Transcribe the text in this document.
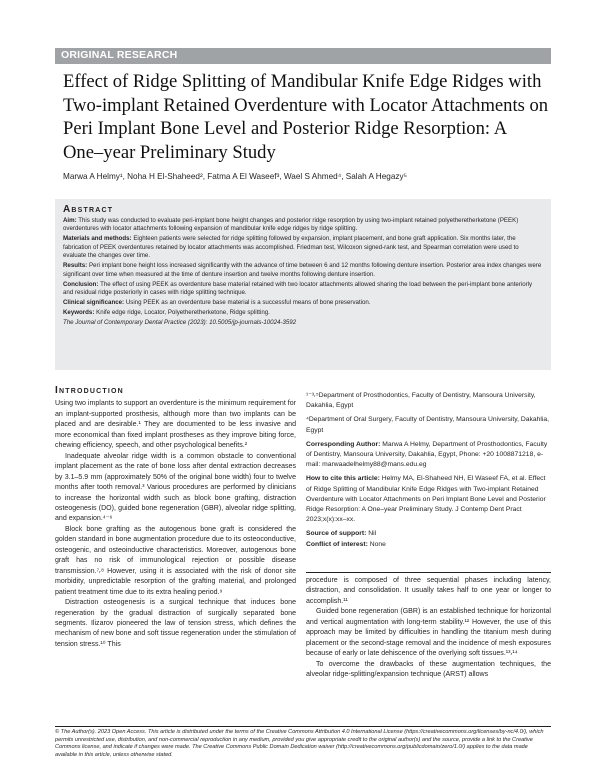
ORIGINAL RESEARCH
Effect of Ridge Splitting of Mandibular Knife Edge Ridges with Two-implant Retained Overdenture with Locator Attachments on Peri Implant Bone Level and Posterior Ridge Resorption: A One–year Preliminary Study
Marwa A Helmy¹, Noha H El-Shaheed², Fatma A El Waseef³, Wael S Ahmed⁴, Salah A Hegazy⁵
Abstract

Aim: This study was conducted to evaluate peri-implant bone height changes and posterior ridge resorption by using two-implant retained polyetheretherketone (PEEK) overdentures with locator attachments following expansion of mandibular knife edge ridges by ridge splitting.

Materials and methods: Eighteen patients were selected for ridge splitting followed by expansion, implant placement, and bone graft application. Six months later, the fabrication of PEEK overdentures retained by locator attachments was accomplished. Friedman test, Wilcoxon signed-rank test, and Spearman correlation were used to evaluate the changes over time.

Results: Peri implant bone height loss increased significantly with the advance of time between 6 and 12 months following denture insertion. Posterior area index changes were significant over time when measured at the time of denture insertion and twelve months following denture insertion.

Conclusion: The effect of using PEEK as overdenture base material retained with two locator attachments allowed sharing the load between the peri-implant bone anteriorly and residual ridge posteriorly in cases with ridge splitting technique.

Clinical significance: Using PEEK as an overdenture base material is a successful means of bone preservation.

Keywords: Knife edge ridge, Locator, Polyetheretherketone, Ridge splitting.

The Journal of Contemporary Dental Practice (2023): 10.5005/jp-journals-10024-3592

Introduction

Using two implants to support an overdenture is the minimum requirement for an implant-supported prosthesis, although more than two implants can be placed and are desirable.¹ They are documented to be less invasive and more economical than fixed implant prostheses as they improve biting force, chewing efficiency, speech, and other psychological benefits.²

Inadequate alveolar ridge width is a common obstacle to conventional implant placement as the rate of bone loss after dental extraction decreases by 3.1–5.9 mm (approximately 50% of the original bone width) four to twelve months after tooth removal.³ Various procedures are performed by clinicians to increase the horizontal width such as block bone grafting, distraction osteogenesis (DO), guided bone regeneration (GBR), alveolar ridge splitting, and expansion.⁴⁻⁶

Block bone grafting as the autogenous bone graft is considered the golden standard in bone augmentation procedure due to its osteoconductive, osteogenic, and osteoinductive characteristics. Moreover, autogenous bone graft has no risk of immunological rejection or possible disease transmission.⁷⸴⁸ However, using it is associated with the risk of donor site morbidity, unpredictable resorption of the grafting material, and prolonged patient treatment time due to its extra healing period.⁹

Distraction osteogenesis is a surgical technique that induces bone regeneration by the gradual distraction of surgically separated bone segments. Ilizarov pioneered the law of tension stress, which defines the mechanism of new bone and soft tissue regeneration under the stimulation of tension stress.¹⁰ This

¹⁻³⸴⁵Department of Prosthodontics, Faculty of Dentistry, Mansoura University, Dakahlia, Egypt

⁴Department of Oral Surgery, Faculty of Dentistry, Mansoura University, Dakahlia, Egypt

Corresponding Author: Marwa A Helmy, Department of Prosthodontics, Faculty of Dentistry, Mansoura University, Dakahlia, Egypt, Phone: +20 1008871218, e-mail: marwaadelhelmy88@mans.edu.eg

How to cite this article: Helmy MA, El-Shaheed NH, El Waseef FA, et al. Effect of Ridge Splitting of Mandibular Knife Edge Ridges with Two-implant Retained Overdenture with Locator Attachments on Peri Implant Bone Level and Posterior Ridge Resorption: A One–year Preliminary Study. J Contemp Dent Pract 2023;x(x):xx–xx.

Source of support: Nil

Conflict of interest: None

procedure is composed of three sequential phases including latency, distraction, and consolidation. It usually takes half to one year or longer to accomplish.¹¹

Guided bone regeneration (GBR) is an established technique for horizontal and vertical augmentation with long-term stability.¹² However, the use of this approach may be limited by difficulties in handling the titanium mesh during placement or the second-stage removal and the incidence of mesh exposures because of early or late dehiscence of the overlying soft tissues.¹³⸴¹⁴

To overcome the drawbacks of these augmentation techniques, the alveolar ridge-splitting/expansion technique (ARST) allows

© The Author(s). 2023 Open Access. This article is distributed under the terms of the Creative Commons Attribution 4.0 International License (https://creativecommons.org/licenses/by-nc/4.0/), which permits unrestricted use, distribution, and non-commercial reproduction in any medium, provided you give appropriate credit to the original author(s) and the source, provide a link to the Creative Commons license, and indicate if changes were made. The Creative Commons Public Domain Dedication waiver (http://creativecommons.org/publicdomain/zero/1.0/) applies to the data made available in this article, unless otherwise stated.
